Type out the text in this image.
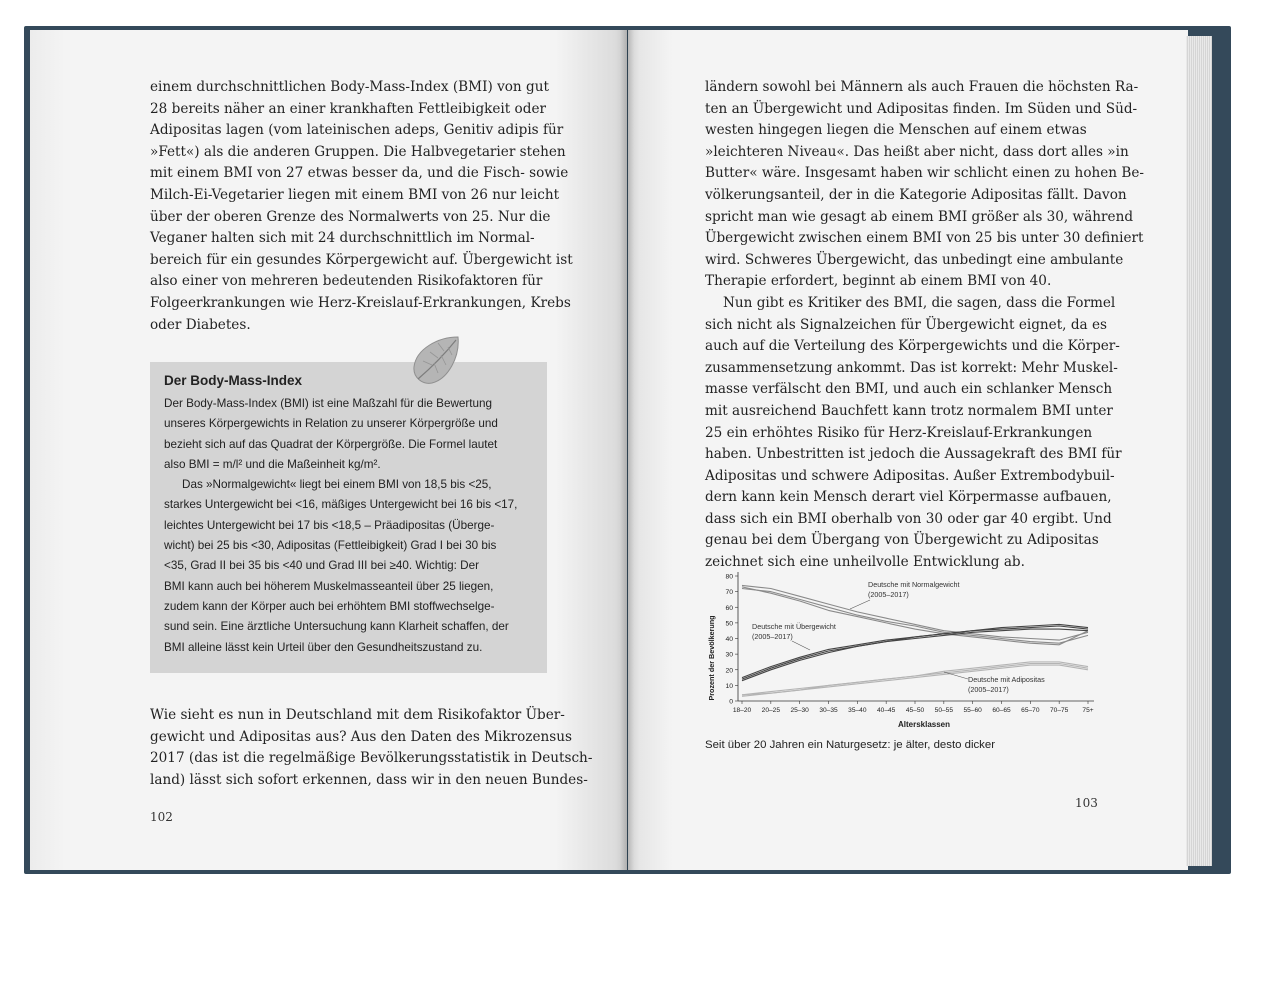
einem durchschnittlichen Body-Mass-Index (BMI) von gut
28 bereits näher an einer krankhaften Fettleibigkeit oder
Adipositas lagen (vom lateinischen adeps, Genitiv adipis für
»Fett«) als die anderen Gruppen. Die Halbvegetarier stehen
mit einem BMI von 27 etwas besser da, und die Fisch- sowie
Milch-Ei-Vegetarier liegen mit einem BMI von 26 nur leicht
über der oberen Grenze des Normalwerts von 25. Nur die
Veganer halten sich mit 24 durchschnittlich im Normal-
bereich für ein gesundes Körpergewicht auf. Übergewicht ist
also einer von mehreren bedeutenden Risikofaktoren für
Folgeerkrankungen wie Herz-Kreislauf-Erkrankungen, Krebs
oder Diabetes.

Der Body-Mass-Index

Der Body-Mass-Index (BMI) ist eine Maßzahl für die Bewertung
unseres Körpergewichts in Relation zu unserer Körpergröße und
bezieht sich auf das Quadrat der Körpergröße. Die Formel lautet
also BMI = m/l² und die Maßeinheit kg/m².
Das »Normalgewicht« liegt bei einem BMI von 18,5 bis <25,
starkes Untergewicht bei <16, mäßiges Untergewicht bei 16 bis <17,
leichtes Untergewicht bei 17 bis <18,5 – Präadipositas (Überge-
wicht) bei 25 bis <30, Adipositas (Fettleibigkeit) Grad I bei 30 bis
<35, Grad II bei 35 bis <40 und Grad III bei ≥40. Wichtig: Der
BMI kann auch bei höherem Muskelmasseanteil über 25 liegen,
zudem kann der Körper auch bei erhöhtem BMI stoffwechselge-
sund sein. Eine ärztliche Untersuchung kann Klarheit schaffen, der
BMI alleine lässt kein Urteil über den Gesundheitszustand zu.
Wie sieht es nun in Deutschland mit dem Risikofaktor Über-
gewicht und Adipositas aus? Aus den Daten des Mikrozensus
2017 (das ist die regelmäßige Bevölkerungsstatistik in Deutsch-
land) lässt sich sofort erkennen, dass wir in den neuen Bundes-
102
ländern sowohl bei Männern als auch Frauen die höchsten Ra-
ten an Übergewicht und Adipositas finden. Im Süden und Süd-
westen hingegen liegen die Menschen auf einem etwas
»leichteren Niveau«. Das heißt aber nicht, dass dort alles »in
Butter« wäre. Insgesamt haben wir schlicht einen zu hohen Be-
völkerungsanteil, der in die Kategorie Adipositas fällt. Davon
spricht man wie gesagt ab einem BMI größer als 30, während
Übergewicht zwischen einem BMI von 25 bis unter 30 definiert
wird. Schweres Übergewicht, das unbedingt eine ambulante
Therapie erfordert, beginnt ab einem BMI von 40.
Nun gibt es Kritiker des BMI, die sagen, dass die Formel
sich nicht als Signalzeichen für Übergewicht eignet, da es
auch auf die Verteilung des Körpergewichts und die Körper-
zusammensetzung ankommt. Das ist korrekt: Mehr Muskel-
masse verfälscht den BMI, und auch ein schlanker Mensch
mit ausreichend Bauchfett kann trotz normalem BMI unter
25 ein erhöhtes Risiko für Herz-Kreislauf-Erkrankungen
haben. Unbestritten ist jedoch die Aussagekraft des BMI für
Adipositas und schwere Adipositas. Außer Extrembodybuil-
dern kann kein Mensch derart viel Körpermasse aufbauen,
dass sich ein BMI oberhalb von 30 oder gar 40 ergibt. Und
genau bei dem Übergang von Übergewicht zu Adipositas
zeichnet sich eine unheilvolle Entwicklung ab.
0
10
20
30
40
50
60
70
80
18–20 20–25 25–30 30–35 35–40 40–45 45–50 50–55 55–60 60–65 65–70 70–75 75+
Deutsche mit Normalgewicht
(2005–2017)
Deutsche mit Übergewicht
(2005–2017)
Deutsche mit Adipositas
(2005–2017)
Altersklassen
Prozent der Bevölkerung

Seit über 20 Jahren ein Naturgesetz: je älter, desto dicker

103
